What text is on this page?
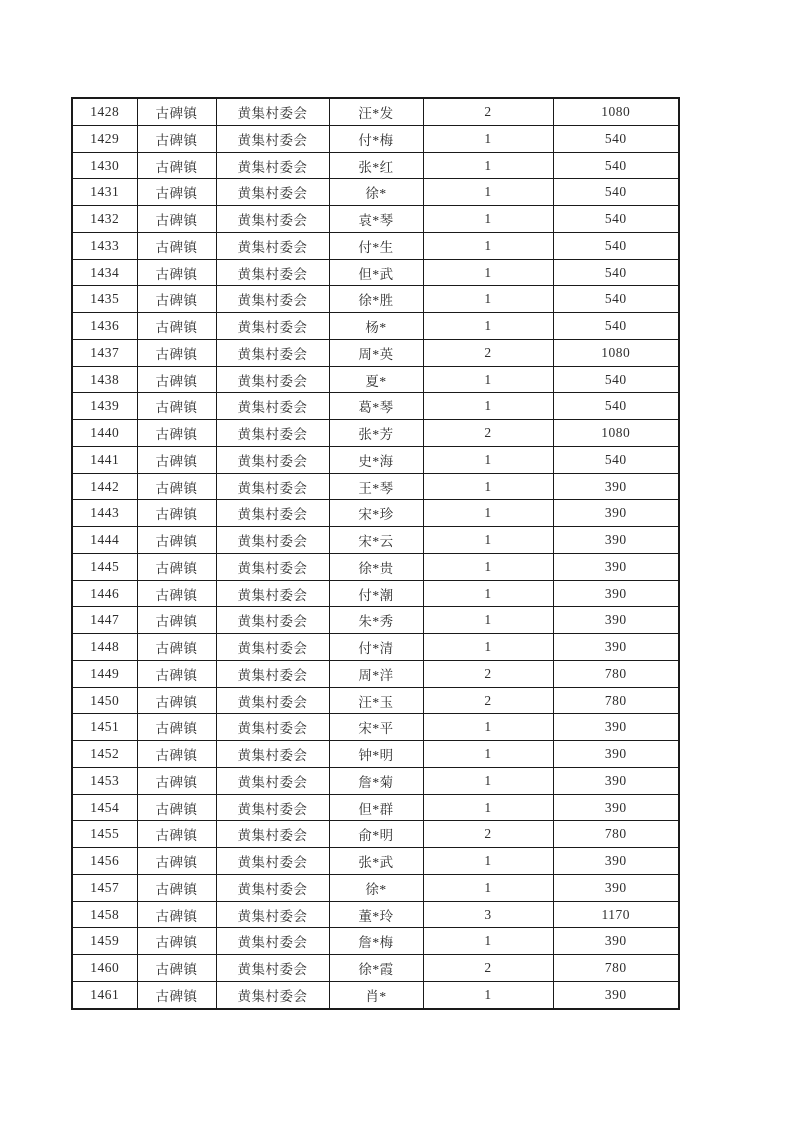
1428	古碑镇	黄集村委会	汪*发	2	1080
1429	古碑镇	黄集村委会	付*梅	1	540
1430	古碑镇	黄集村委会	张*红	1	540
1431	古碑镇	黄集村委会	徐*	1	540
1432	古碑镇	黄集村委会	袁*琴	1	540
1433	古碑镇	黄集村委会	付*生	1	540
1434	古碑镇	黄集村委会	但*武	1	540
1435	古碑镇	黄集村委会	徐*胜	1	540
1436	古碑镇	黄集村委会	杨*	1	540
1437	古碑镇	黄集村委会	周*英	2	1080
1438	古碑镇	黄集村委会	夏*	1	540
1439	古碑镇	黄集村委会	葛*琴	1	540
1440	古碑镇	黄集村委会	张*芳	2	1080
1441	古碑镇	黄集村委会	史*海	1	540
1442	古碑镇	黄集村委会	王*琴	1	390
1443	古碑镇	黄集村委会	宋*珍	1	390
1444	古碑镇	黄集村委会	宋*云	1	390
1445	古碑镇	黄集村委会	徐*贵	1	390
1446	古碑镇	黄集村委会	付*潮	1	390
1447	古碑镇	黄集村委会	朱*秀	1	390
1448	古碑镇	黄集村委会	付*清	1	390
1449	古碑镇	黄集村委会	周*洋	2	780
1450	古碑镇	黄集村委会	汪*玉	2	780
1451	古碑镇	黄集村委会	宋*平	1	390
1452	古碑镇	黄集村委会	钟*明	1	390
1453	古碑镇	黄集村委会	詹*菊	1	390
1454	古碑镇	黄集村委会	但*群	1	390
1455	古碑镇	黄集村委会	俞*明	2	780
1456	古碑镇	黄集村委会	张*武	1	390
1457	古碑镇	黄集村委会	徐*	1	390
1458	古碑镇	黄集村委会	董*玲	3	1170
1459	古碑镇	黄集村委会	詹*梅	1	390
1460	古碑镇	黄集村委会	徐*霞	2	780
1461	古碑镇	黄集村委会	肖*	1	390
